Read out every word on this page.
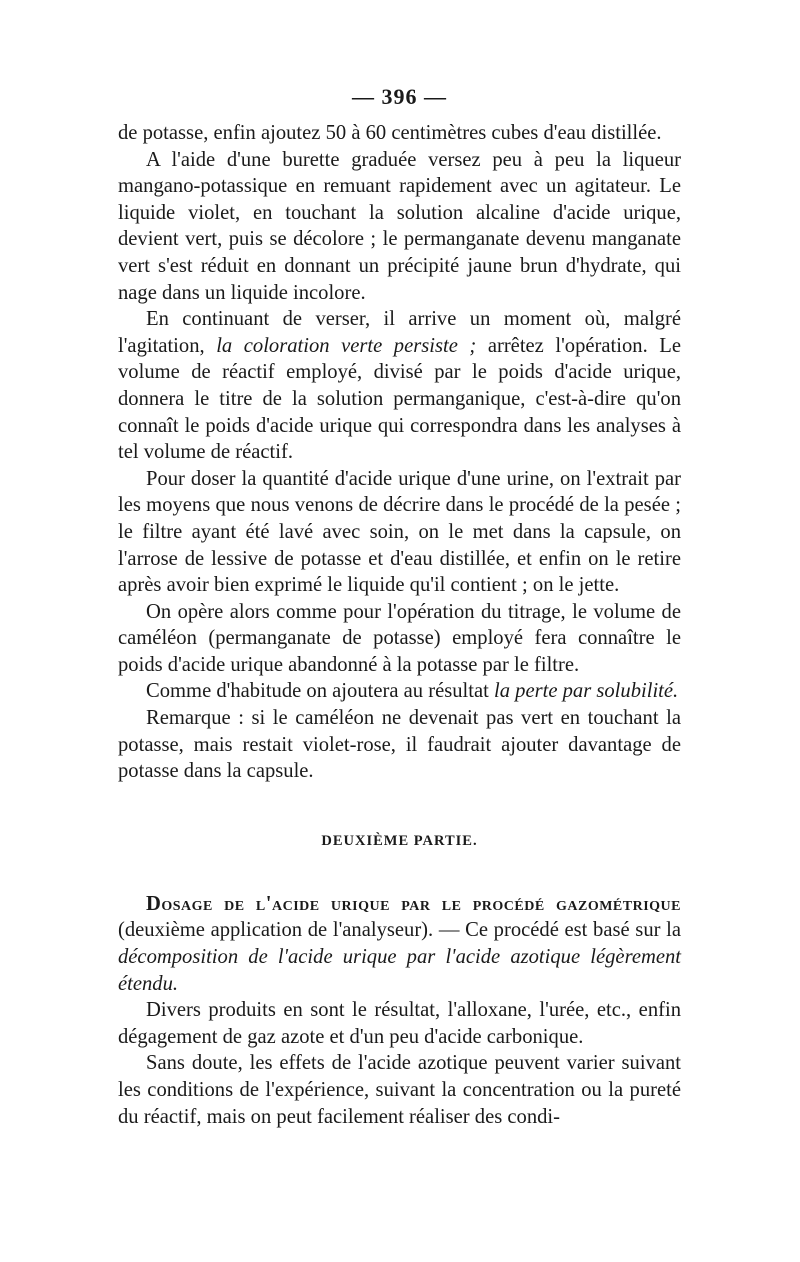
— 396 —

de potasse, enfin ajoutez 50 à 60 centimètres cubes d'eau distillée.

A l'aide d'une burette graduée versez peu à peu la liqueur mangano-potassique en remuant rapidement avec un agitateur. Le liquide violet, en touchant la solution alcaline d'acide urique, devient vert, puis se décolore ; le permanganate devenu manganate vert s'est réduit en donnant un précipité jaune brun d'hydrate, qui nage dans un liquide incolore.

En continuant de verser, il arrive un moment où, malgré l'agitation, la coloration verte persiste ; arrêtez l'opération. Le volume de réactif employé, divisé par le poids d'acide urique, donnera le titre de la solution permanganique, c'est-à-dire qu'on connaît le poids d'acide urique qui correspondra dans les analyses à tel volume de réactif.

Pour doser la quantité d'acide urique d'une urine, on l'extrait par les moyens que nous venons de décrire dans le procédé de la pesée ; le filtre ayant été lavé avec soin, on le met dans la capsule, on l'arrose de lessive de potasse et d'eau distillée, et enfin on le retire après avoir bien exprimé le liquide qu'il contient ; on le jette.

On opère alors comme pour l'opération du titrage, le volume de caméléon (permanganate de potasse) employé fera connaître le poids d'acide urique abandonné à la potasse par le filtre.

Comme d'habitude on ajoutera au résultat la perte par solubilité.

Remarque : si le caméléon ne devenait pas vert en touchant la potasse, mais restait violet-rose, il faudrait ajouter davantage de potasse dans la capsule.

DEUXIÈME PARTIE.

Dosage de l'acide urique par le procédé gazométrique (deuxième application de l'analyseur). — Ce procédé est basé sur la décomposition de l'acide urique par l'acide azotique légèrement étendu.

Divers produits en sont le résultat, l'alloxane, l'urée, etc., enfin dégagement de gaz azote et d'un peu d'acide carbonique.

Sans doute, les effets de l'acide azotique peuvent varier suivant les conditions de l'expérience, suivant la concentration ou la pureté du réactif, mais on peut facilement réaliser des condi-
